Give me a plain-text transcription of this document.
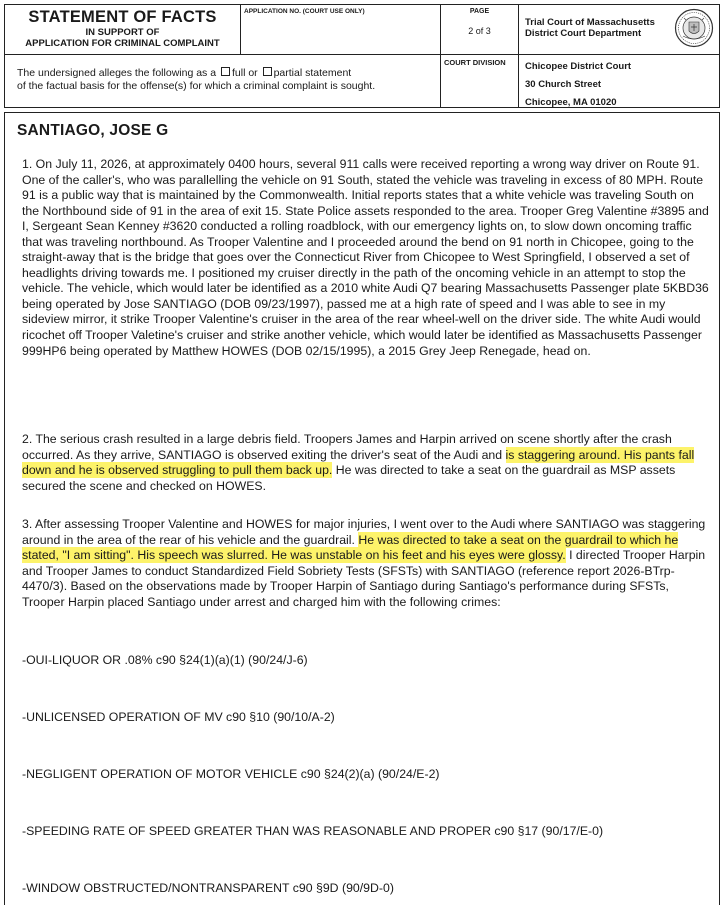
STATEMENT OF FACTS
IN SUPPORT OF
APPLICATION FOR CRIMINAL COMPLAINT
APPLICATION NO. (COURT USE ONLY)	PAGE
2 of 3
Trial Court of Massachusetts
District Court Department
The undersigned alleges the following as a full or partial statement
of the factual basis for the offense(s) for which a criminal complaint is sought.
COURT DIVISION	Chicopee District Court
30 Church Street
Chicopee, MA 01020
SANTIAGO, JOSE G
1. On July 11, 2026, at approximately 0400 hours, several 911 calls were received reporting a wrong way driver on Route 91. One of the caller's, who was parallelling the vehicle on 91 South, stated the vehicle was traveling in excess of 80 MPH. Route 91 is a public way that is maintained by the Commonwealth. Initial reports states that a white vehicle was traveling South on the Northbound side of 91 in the area of exit 15. State Police assets responded to the area. Trooper Greg Valentine #3895 and I, Sergeant Sean Kenney #3620 conducted a rolling roadblock, with our emergency lights on, to slow down oncoming traffic that was traveling northbound. As Trooper Valentine and I proceeded around the bend on 91 north in Chicopee, going to the straight-away that is the bridge that goes over the Connecticut River from Chicopee to West Springfield, I observed a set of headlights driving towards me. I positioned my cruiser directly in the path of the oncoming vehicle in an attempt to stop the vehicle. The vehicle, which would later be identified as a 2010 white Audi Q7 bearing Massachusetts Passenger plate 5KBD36 being operated by Jose SANTIAGO (DOB 09/23/1997), passed me at a high rate of speed and I was able to see in my sideview mirror, it strike Trooper Valentine's cruiser in the area of the rear wheel-well on the driver side. The white Audi would ricochet off Trooper Valetine's cruiser and strike another vehicle, which would later be identified as Massachusetts Passenger 999HP6 being operated by Matthew HOWES (DOB 02/15/1995), a 2015 Grey Jeep Renegade, head on.
2. The serious crash resulted in a large debris field. Troopers James and Harpin arrived on scene shortly after the crash occurred. As they arrive, SANTIAGO is observed exiting the driver's seat of the Audi and is staggering around. His pants fall down and he is observed struggling to pull them back up. He was directed to take a seat on the guardrail as MSP assets secured the scene and checked on HOWES.
3. After assessing Trooper Valentine and HOWES for major injuries, I went over to the Audi where SANTIAGO was staggering around in the area of the rear of his vehicle and the guardrail. He was directed to take a seat on the guardrail to which he stated, "I am sitting". His speech was slurred. He was unstable on his feet and his eyes were glossy. I directed Trooper Harpin and Trooper James to conduct Standardized Field Sobriety Tests (SFSTs) with SANTIAGO (reference report 2026-BTrp-4470/3). Based on the observations made by Trooper Harpin of Santiago during Santiago's performance during SFSTs, Trooper Harpin placed Santiago under arrest and charged him with the following crimes:
-OUI-LIQUOR OR .08% c90 §24(1)(a)(1) (90/24/J-6)
-UNLICENSED OPERATION OF MV c90 §10 (90/10/A-2)
-NEGLIGENT OPERATION OF MOTOR VEHICLE c90 §24(2)(a) (90/24/E-2)
-SPEEDING RATE OF SPEED GREATER THAN WAS REASONABLE AND PROPER c90 §17 (90/17/E-0)
-WINDOW OBSTRUCTED/NONTRANSPARENT c90 §9D (90/9D-0)
